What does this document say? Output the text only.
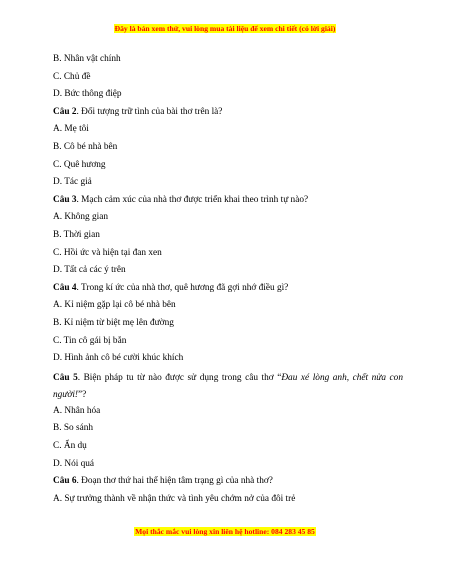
Đây là bản xem thử, vui lòng mua tài liệu để xem chi tiết (có lời giải)
B. Nhân vật chính
C. Chủ đề
D. Bức thông điệp
Câu 2. Đối tượng trữ tình của bài thơ trên là?
A. Mẹ tôi
B. Cô bé nhà bên
C. Quê hương
D. Tác giả
Câu 3. Mạch cảm xúc của nhà thơ được triển khai theo trình tự nào?
A. Không gian
B. Thời gian
C. Hồi ức và hiện tại đan xen
D. Tất cả các ý trên
Câu 4. Trong kí ức của nhà thơ, quê hương đã gợi nhớ điều gì?
A. Kỉ niệm gặp lại cô bé nhà bên
B. Kỉ niệm từ biệt mẹ lên đường
C. Tin cô gái bị bắn
D. Hình ảnh cô bé cười khúc khích
Câu 5. Biện pháp tu từ nào được sử dụng trong câu thơ “Đau xé lòng anh, chết nửa con người!”?
A. Nhân hóa
B. So sánh
C. Ẩn dụ
D. Nói quá
Câu 6. Đoạn thơ thứ hai thể hiện tâm trạng gì của nhà thơ?
A. Sự trưởng thành về nhận thức và tình yêu chớm nở của đôi trẻ
Mọi thắc mắc vui lòng xin liên hệ hotline: 084 283 45 85
